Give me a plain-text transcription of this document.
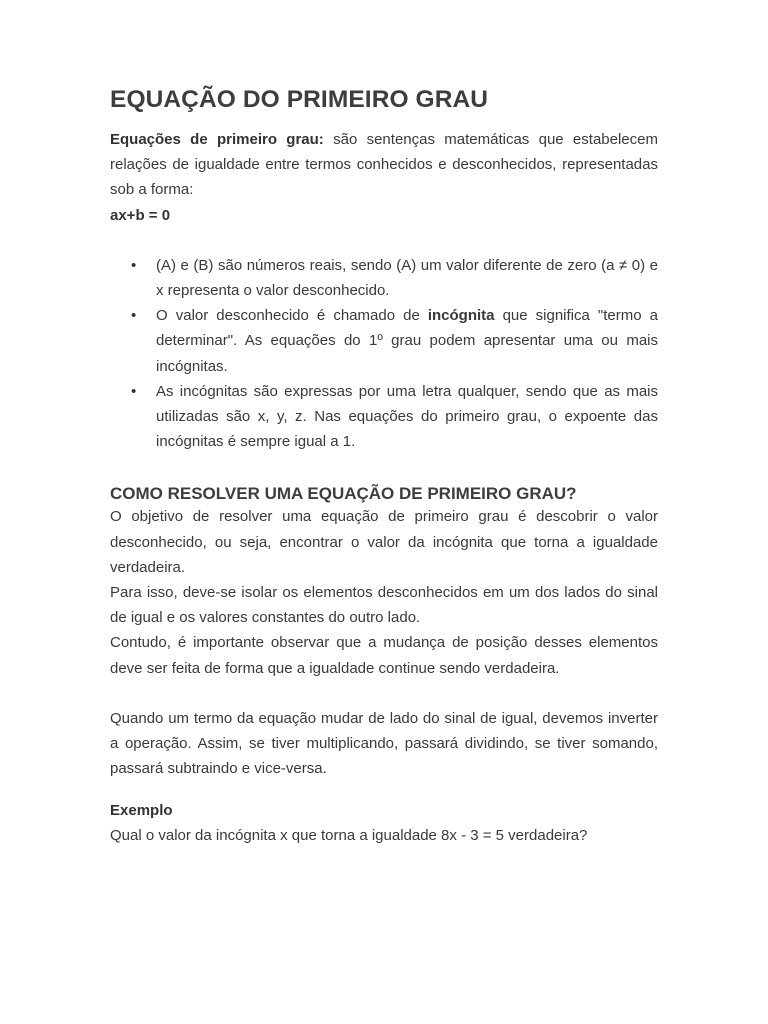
EQUAÇÃO DO PRIMEIRO GRAU

Equações de primeiro grau: são sentenças matemáticas que estabelecem relações de igualdade entre termos conhecidos e desconhecidos, representadas sob a forma:
ax+b = 0

• (A) e (B) são números reais, sendo (A) um valor diferente de zero (a ≠ 0) e x representa o valor desconhecido.
• O valor desconhecido é chamado de incógnita que significa "termo a determinar". As equações do 1º grau podem apresentar uma ou mais incógnitas.
• As incógnitas são expressas por uma letra qualquer, sendo que as mais utilizadas são x, y, z. Nas equações do primeiro grau, o expoente das incógnitas é sempre igual a 1.
COMO RESOLVER UMA EQUAÇÃO DE PRIMEIRO GRAU?

O objetivo de resolver uma equação de primeiro grau é descobrir o valor desconhecido, ou seja, encontrar o valor da incógnita que torna a igualdade verdadeira.

Para isso, deve-se isolar os elementos desconhecidos em um dos lados do sinal de igual e os valores constantes do outro lado.

Contudo, é importante observar que a mudança de posição desses elementos deve ser feita de forma que a igualdade continue sendo verdadeira.

Quando um termo da equação mudar de lado do sinal de igual, devemos inverter a operação. Assim, se tiver multiplicando, passará dividindo, se tiver somando, passará subtraindo e vice-versa.

Exemplo

Qual o valor da incógnita x que torna a igualdade 8x - 3 = 5 verdadeira?
